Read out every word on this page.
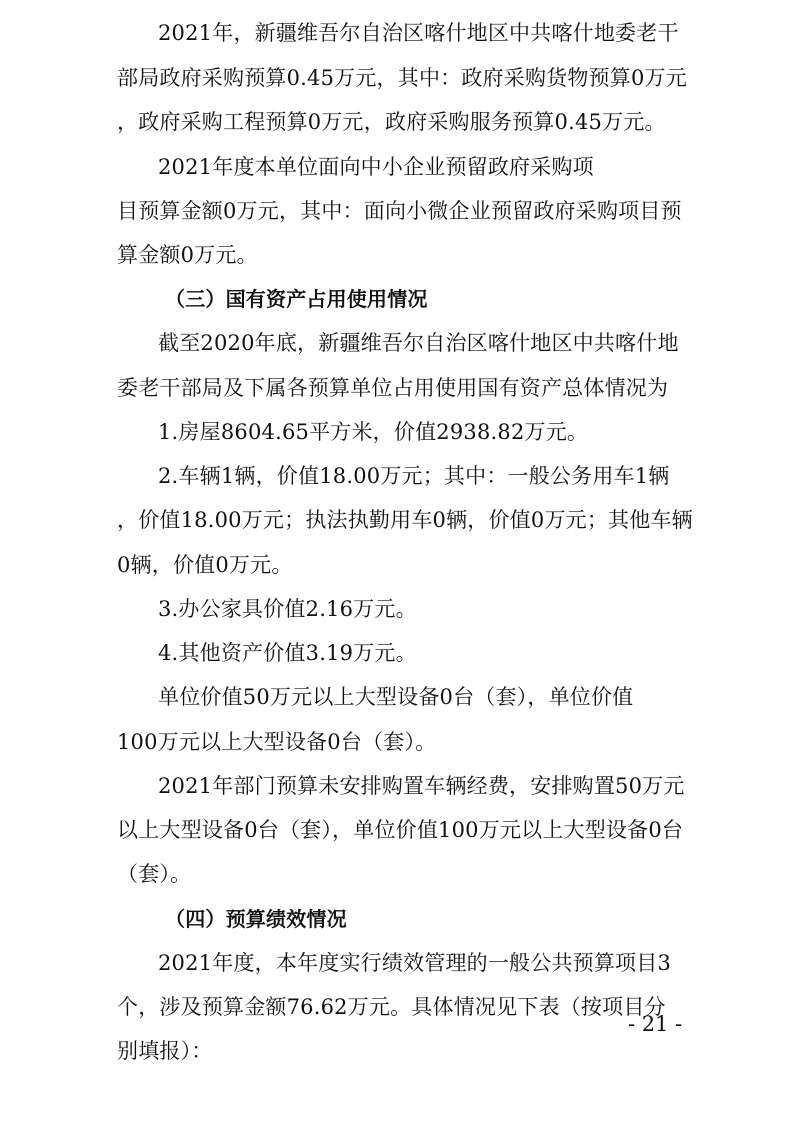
2021年，新疆维吾尔自治区喀什地区中共喀什地委老干
部局政府采购预算0.45万元，其中：政府采购货物预算0万元
，政府采购工程预算0万元，政府采购服务预算0.45万元。
2021年度本单位面向中小企业预留政府采购项
目预算金额0万元，其中：面向小微企业预留政府采购项目预
算金额0万元。
（三）国有资产占用使用情况
截至2020年底，新疆维吾尔自治区喀什地区中共喀什地
委老干部局及下属各预算单位占用使用国有资产总体情况为
1.房屋8604.65平方米，价值2938.82万元。
2.车辆1辆，价值18.00万元；其中：一般公务用车1辆
，价值18.00万元；执法执勤用车0辆，价值0万元；其他车辆
0辆，价值0万元。
3.办公家具价值2.16万元。
4.其他资产价值3.19万元。
单位价值50万元以上大型设备0台（套），单位价值
100万元以上大型设备0台（套）。
2021年部门预算未安排购置车辆经费，安排购置50万元
以上大型设备0台（套），单位价值100万元以上大型设备0台
（套）。
（四）预算绩效情况
2021年度，本年度实行绩效管理的一般公共预算项目3
个，涉及预算金额76.62万元。具体情况见下表（按项目分
别填报）：
- 21 -
